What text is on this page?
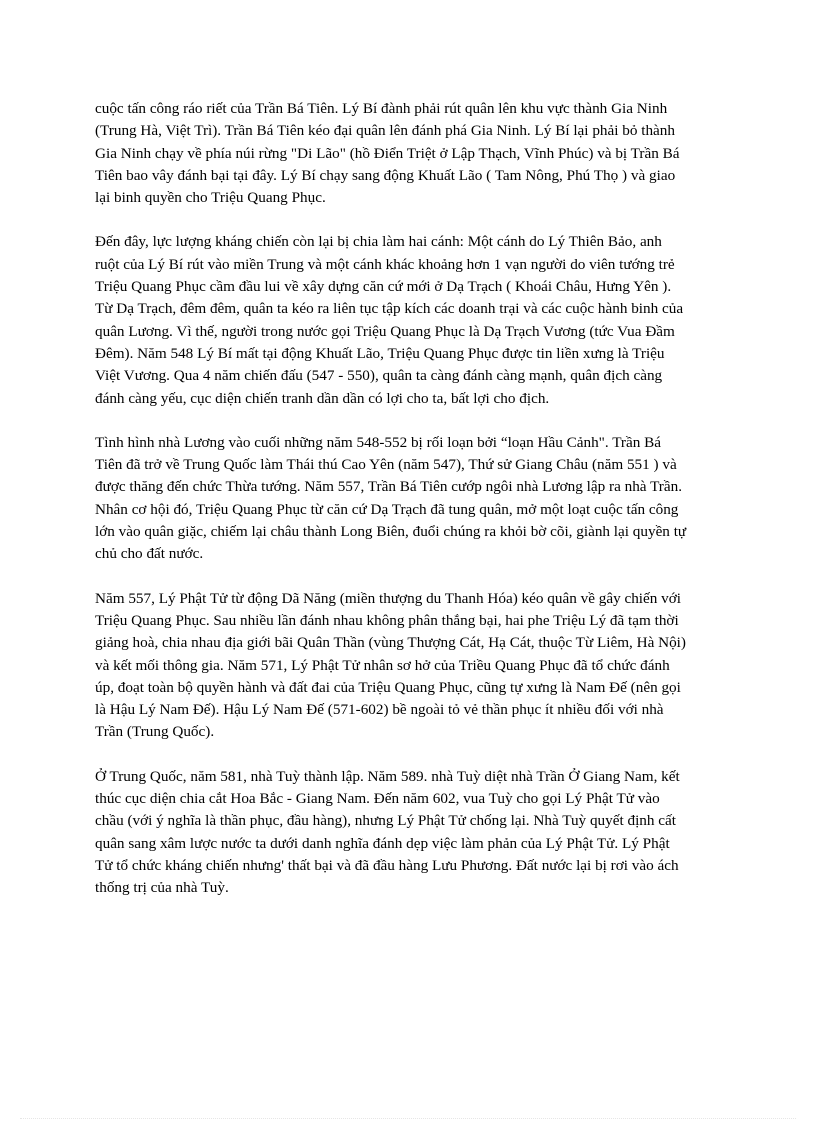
cuộc tấn công ráo riết của Trần Bá Tiên. Lý Bí đành phải rút quân lên khu vực thành Gia Ninh
(Trung Hà, Việt Trì). Trần Bá Tiên kéo đại quân lên đánh phá Gia Ninh. Lý Bí lại phải bỏ thành
Gia Ninh chạy về phía núi rừng "Di Lão" (hồ Điển Triệt ở Lập Thạch, Vĩnh Phúc) và bị Trần Bá
Tiên bao vây đánh bại tại đây. Lý Bí chạy sang động Khuất Lão ( Tam Nông, Phú Thọ ) và giao
lại binh quyền cho Triệu Quang Phục.

Đến đây, lực lượng kháng chiến còn lại bị chia làm hai cánh: Một cánh do Lý Thiên Bảo, anh
ruột của Lý Bí rút vào miền Trung và một cánh khác khoảng hơn 1 vạn người do viên tướng trẻ
Triệu Quang Phục cầm đầu lui về xây dựng căn cứ mới ở Dạ Trạch ( Khoái Châu, Hưng Yên ).
Từ Dạ Trạch, đêm đêm, quân ta kéo ra liên tục tập kích các doanh trại và các cuộc hành binh của
quân Lương. Vì thế, người trong nước gọi Triệu Quang Phục là Dạ Trạch Vương (tức Vua Đầm
Đêm). Năm 548 Lý Bí mất tại động Khuất Lão, Triệu Quang Phục được tin liền xưng là Triệu
Việt Vương. Qua 4 năm chiến đấu (547 - 550), quân ta càng đánh càng mạnh, quân địch càng
đánh càng yếu, cục diện chiến tranh dần dần có lợi cho ta, bất lợi cho địch.

Tình hình nhà Lương vào cuối những năm 548-552 bị rối loạn bởi “loạn Hầu Cảnh". Trần Bá
Tiên đã trở về Trung Quốc làm Thái thú Cao Yên (năm 547), Thứ sử Giang Châu (năm 551 ) và
được thăng đến chức Thừa tướng. Năm 557, Trần Bá Tiên cướp ngôi nhà Lương lập ra nhà Trần.
Nhân cơ hội đó, Triệu Quang Phục từ căn cứ Dạ Trạch đã tung quân, mở một loạt cuộc tấn công
lớn vào quân giặc, chiếm lại châu thành Long Biên, đuổi chúng ra khỏi bờ cõi, giành lại quyền tự
chủ cho đất nước.

Năm 557, Lý Phật Tử từ động Dã Năng (miền thượng du Thanh Hóa) kéo quân về gây chiến với
Triệu Quang Phục. Sau nhiều lần đánh nhau không phân thắng bại, hai phe Triệu Lý đã tạm thời
giảng hoà, chia nhau địa giới bãi Quân Thần (vùng Thượng Cát, Hạ Cát, thuộc Từ Liêm, Hà Nội)
và kết mối thông gia. Năm 571, Lý Phật Tử nhân sơ hở của Triều Quang Phục đã tổ chức đánh
úp, đoạt toàn bộ quyền hành và đất đai của Triệu Quang Phục, cũng tự xưng là Nam Đế (nên gọi
là Hậu Lý Nam Đế). Hậu Lý Nam Đế (571-602) bề ngoài tỏ vẻ thần phục ít nhiều đối với nhà
Trần (Trung Quốc).

Ở Trung Quốc, năm 581, nhà Tuỳ thành lập. Năm 589. nhà Tuỳ diệt nhà Trần Ở Giang Nam, kết
thúc cục diện chia cắt Hoa Bắc - Giang Nam. Đến năm 602, vua Tuỳ cho gọi Lý Phật Tử vào
chầu (với ý nghĩa là thần phục, đầu hàng), nhưng Lý Phật Tử chống lại. Nhà Tuỳ quyết định cất
quân sang xâm lược nước ta dưới danh nghĩa đánh dẹp việc làm phản của Lý Phật Tử. Lý Phật
Tử tổ chức kháng chiến nhưng' thất bại và đã đầu hàng Lưu Phương. Đất nước lại bị rơi vào ách
thống trị của nhà Tuỳ.
